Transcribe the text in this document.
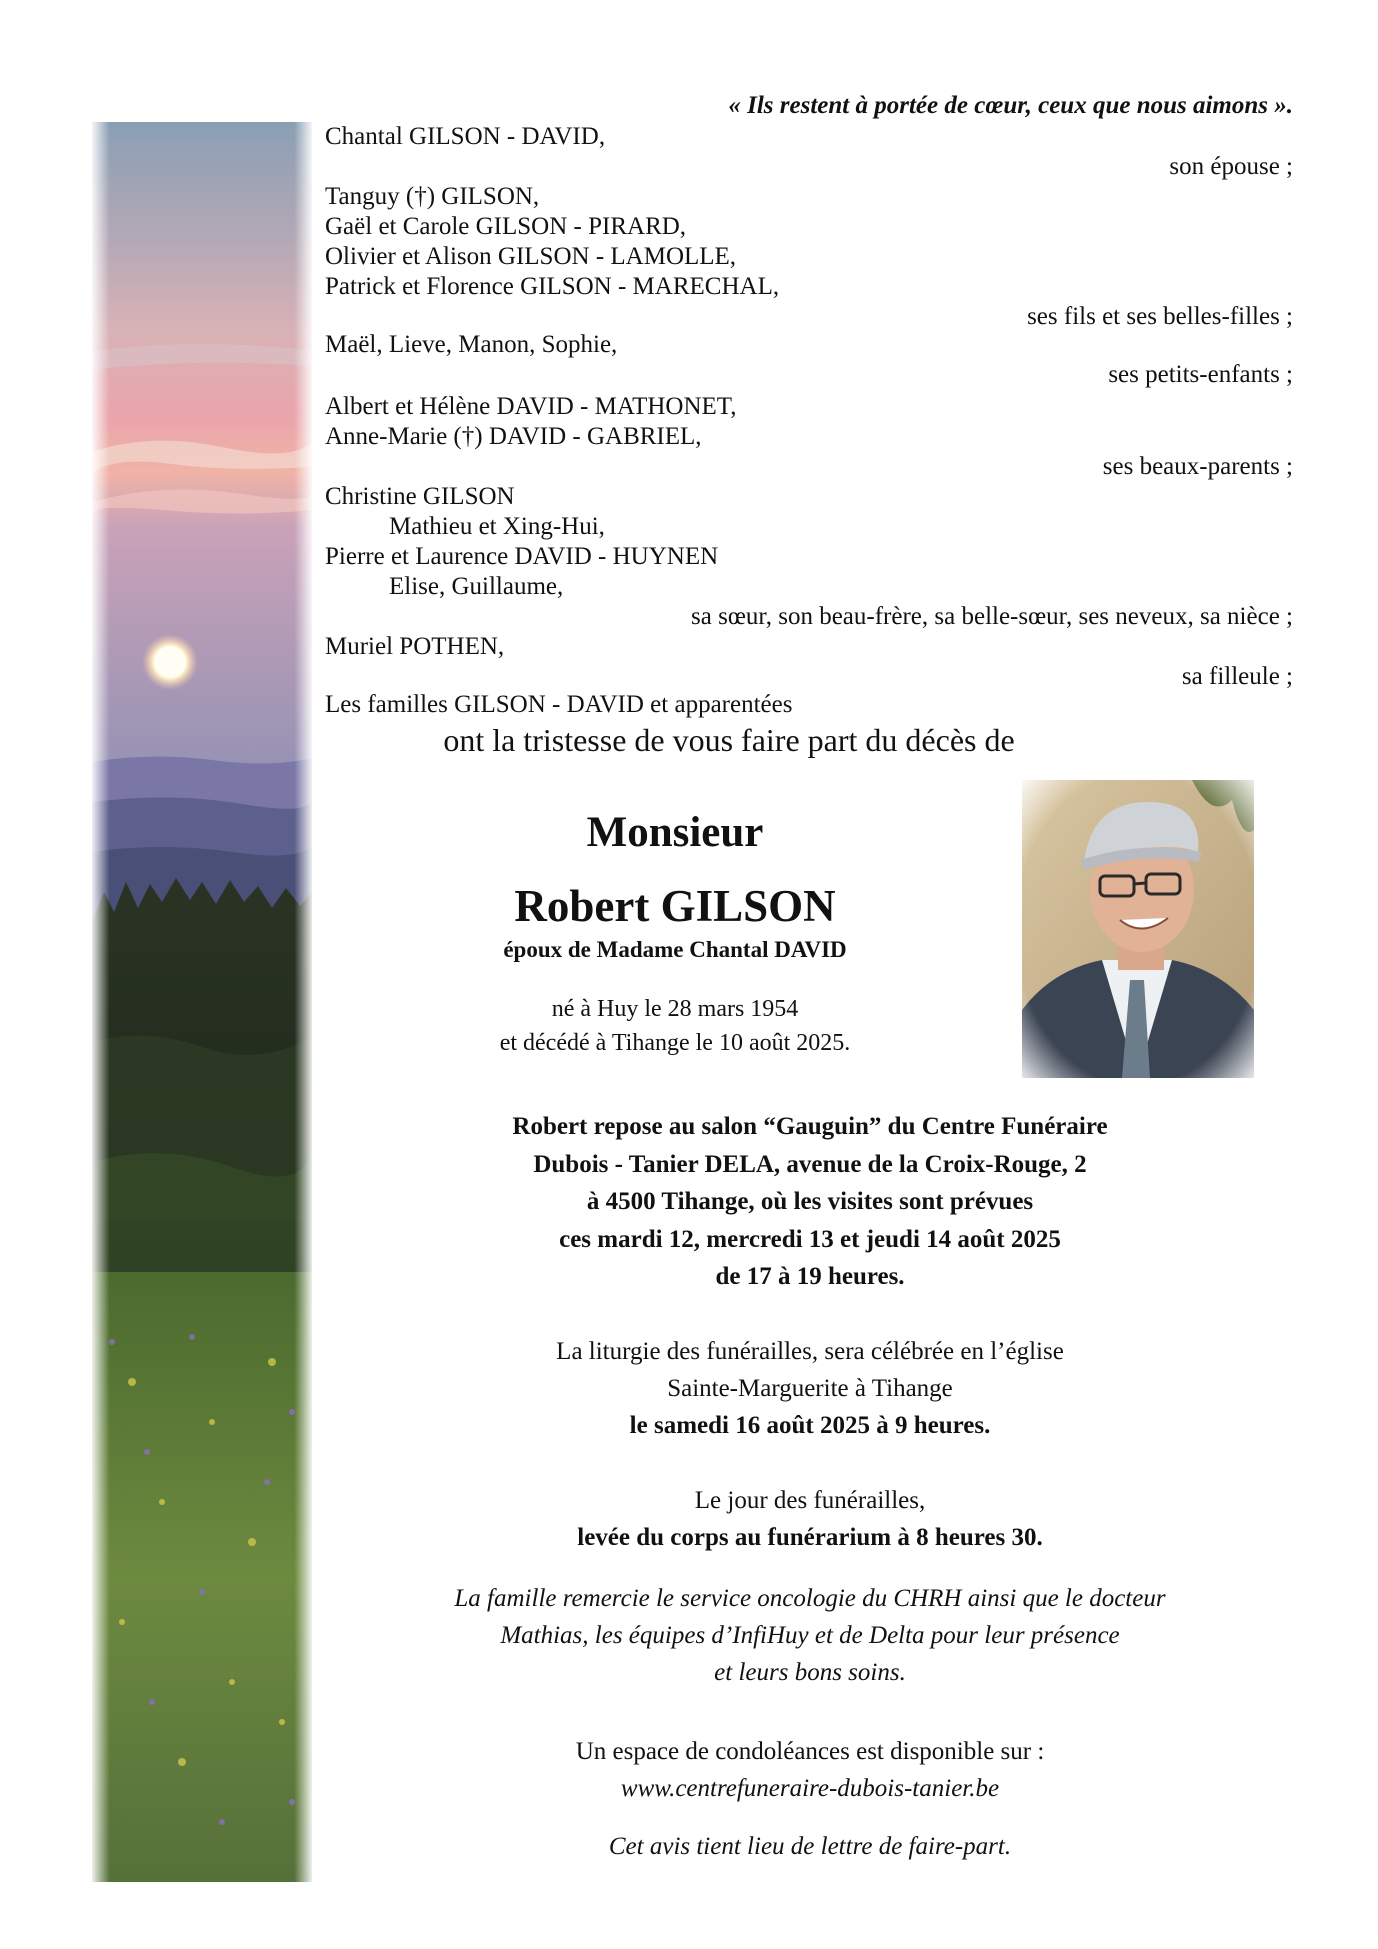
« Ils restent à portée de cœur, ceux que nous aimons ».
Chantal GILSON - DAVID,
son épouse ;
Tanguy (†) GILSON,
Gaël et Carole GILSON - PIRARD,
Olivier et Alison GILSON - LAMOLLE,
Patrick et Florence GILSON - MARECHAL,
ses fils et ses belles-filles ;
Maël, Lieve, Manon, Sophie,
ses petits-enfants ;
Albert et Hélène DAVID - MATHONET,
Anne-Marie (†) DAVID - GABRIEL,
ses beaux-parents ;
Christine GILSON
Mathieu et Xing-Hui,
Pierre et Laurence DAVID - HUYNEN
Elise, Guillaume,
sa sœur, son beau-frère, sa belle-sœur, ses neveux, sa nièce ;
Muriel POTHEN,
sa filleule ;
Les familles GILSON - DAVID et apparentées
ont la tristesse de vous faire part du décès de
Monsieur
Robert GILSON
époux de Madame Chantal DAVID
né à Huy le 28 mars 1954
et décédé à Tihange le 10 août 2025.
Robert repose au salon “Gauguin” du Centre Funéraire
Dubois - Tanier DELA, avenue de la Croix-Rouge, 2
à 4500 Tihange, où les visites sont prévues
ces mardi 12, mercredi 13 et jeudi 14 août 2025
de 17 à 19 heures.
La liturgie des funérailles, sera célébrée en l’église
Sainte-Marguerite à Tihange
le samedi 16 août 2025 à 9 heures.
Le jour des funérailles,
levée du corps au funérarium à 8 heures 30.
La famille remercie le service oncologie du CHRH ainsi que le docteur
Mathias, les équipes d’InfiHuy et de Delta pour leur présence
et leurs bons soins.
Un espace de condoléances est disponible sur :
www.centrefuneraire-dubois-tanier.be
Cet avis tient lieu de lettre de faire-part.
